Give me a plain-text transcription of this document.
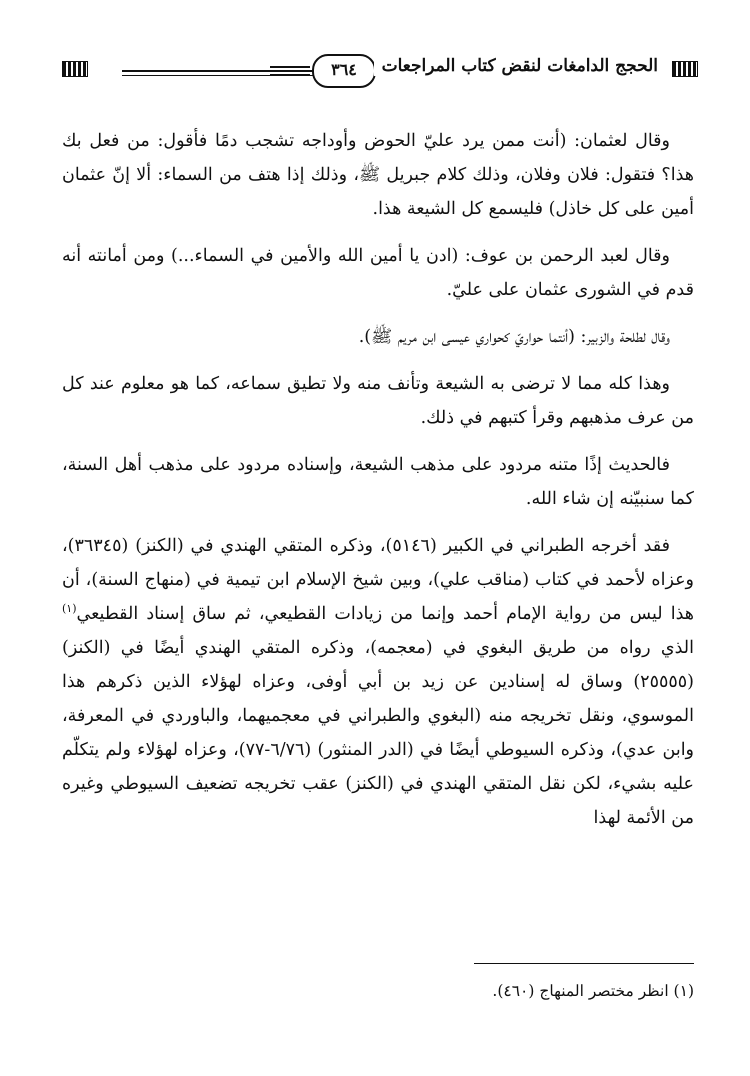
٣٦٤	الحجج الدامغات لنقض كتاب المراجعات

وقال لعثمان: (أنت ممن يرد عليّ الحوض وأوداجه تشجب دمًا فأقول: من فعل بك هذا؟ فتقول: فلان وفلان، وذلك كلام جبريل ﷺ، وذلك إذا هتف من السماء: ألا إنّ عثمان أمين على كل خاذل) فليسمع كل الشيعة هذا.

وقال لعبد الرحمن بن عوف: (ادن يا أمين الله والأمين في السماء...) ومن أمانته أنه قدم في الشورى عثمان على عليّ.

وقال لطلحة والزبير: (أنتما حواريّ كحواري عيسى ابن مريم ﷺ).

وهذا كله مما لا ترضى به الشيعة وتأنف منه ولا تطيق سماعه، كما هو معلوم عند كل من عرف مذهبهم وقرأ كتبهم في ذلك.

فالحديث إذًا متنه مردود على مذهب الشيعة، وإسناده مردود على مذهب أهل السنة، كما سنبيّنه إن شاء الله.

فقد أخرجه الطبراني في الكبير (٥١٤٦)، وذكره المتقي الهندي في (الكنز) (٣٦٣٤٥)، وعزاه لأحمد في كتاب (مناقب علي)، وبين شيخ الإسلام ابن تيمية في (منهاج السنة)، أن هذا ليس من رواية الإمام أحمد وإنما من زيادات القطيعي، ثم ساق إسناد القطيعي$^{(١)}$ الذي رواه من طريق البغوي في (معجمه)، وذكره المتقي الهندي أيضًا في (الكنز) (٢٥٥٥٥) وساق له إسنادين عن زيد بن أبي أوفى، وعزاه لهؤلاء الذين ذكرهم هذا الموسوي، ونقل تخريجه منه (البغوي والطبراني في معجميهما، والباوردي في المعرفة، وابن عدي)، وذكره السيوطي أيضًا في (الدر المنثور) (٦/٧٦-٧٧)، وعزاه لهؤلاء ولم يتكلّم عليه بشيء، لكن نقل المتقي الهندي في (الكنز) عقب تخريجه تضعيف السيوطي وغيره من الأئمة لهذا

(١) انظر مختصر المنهاج (٤٦٠).
